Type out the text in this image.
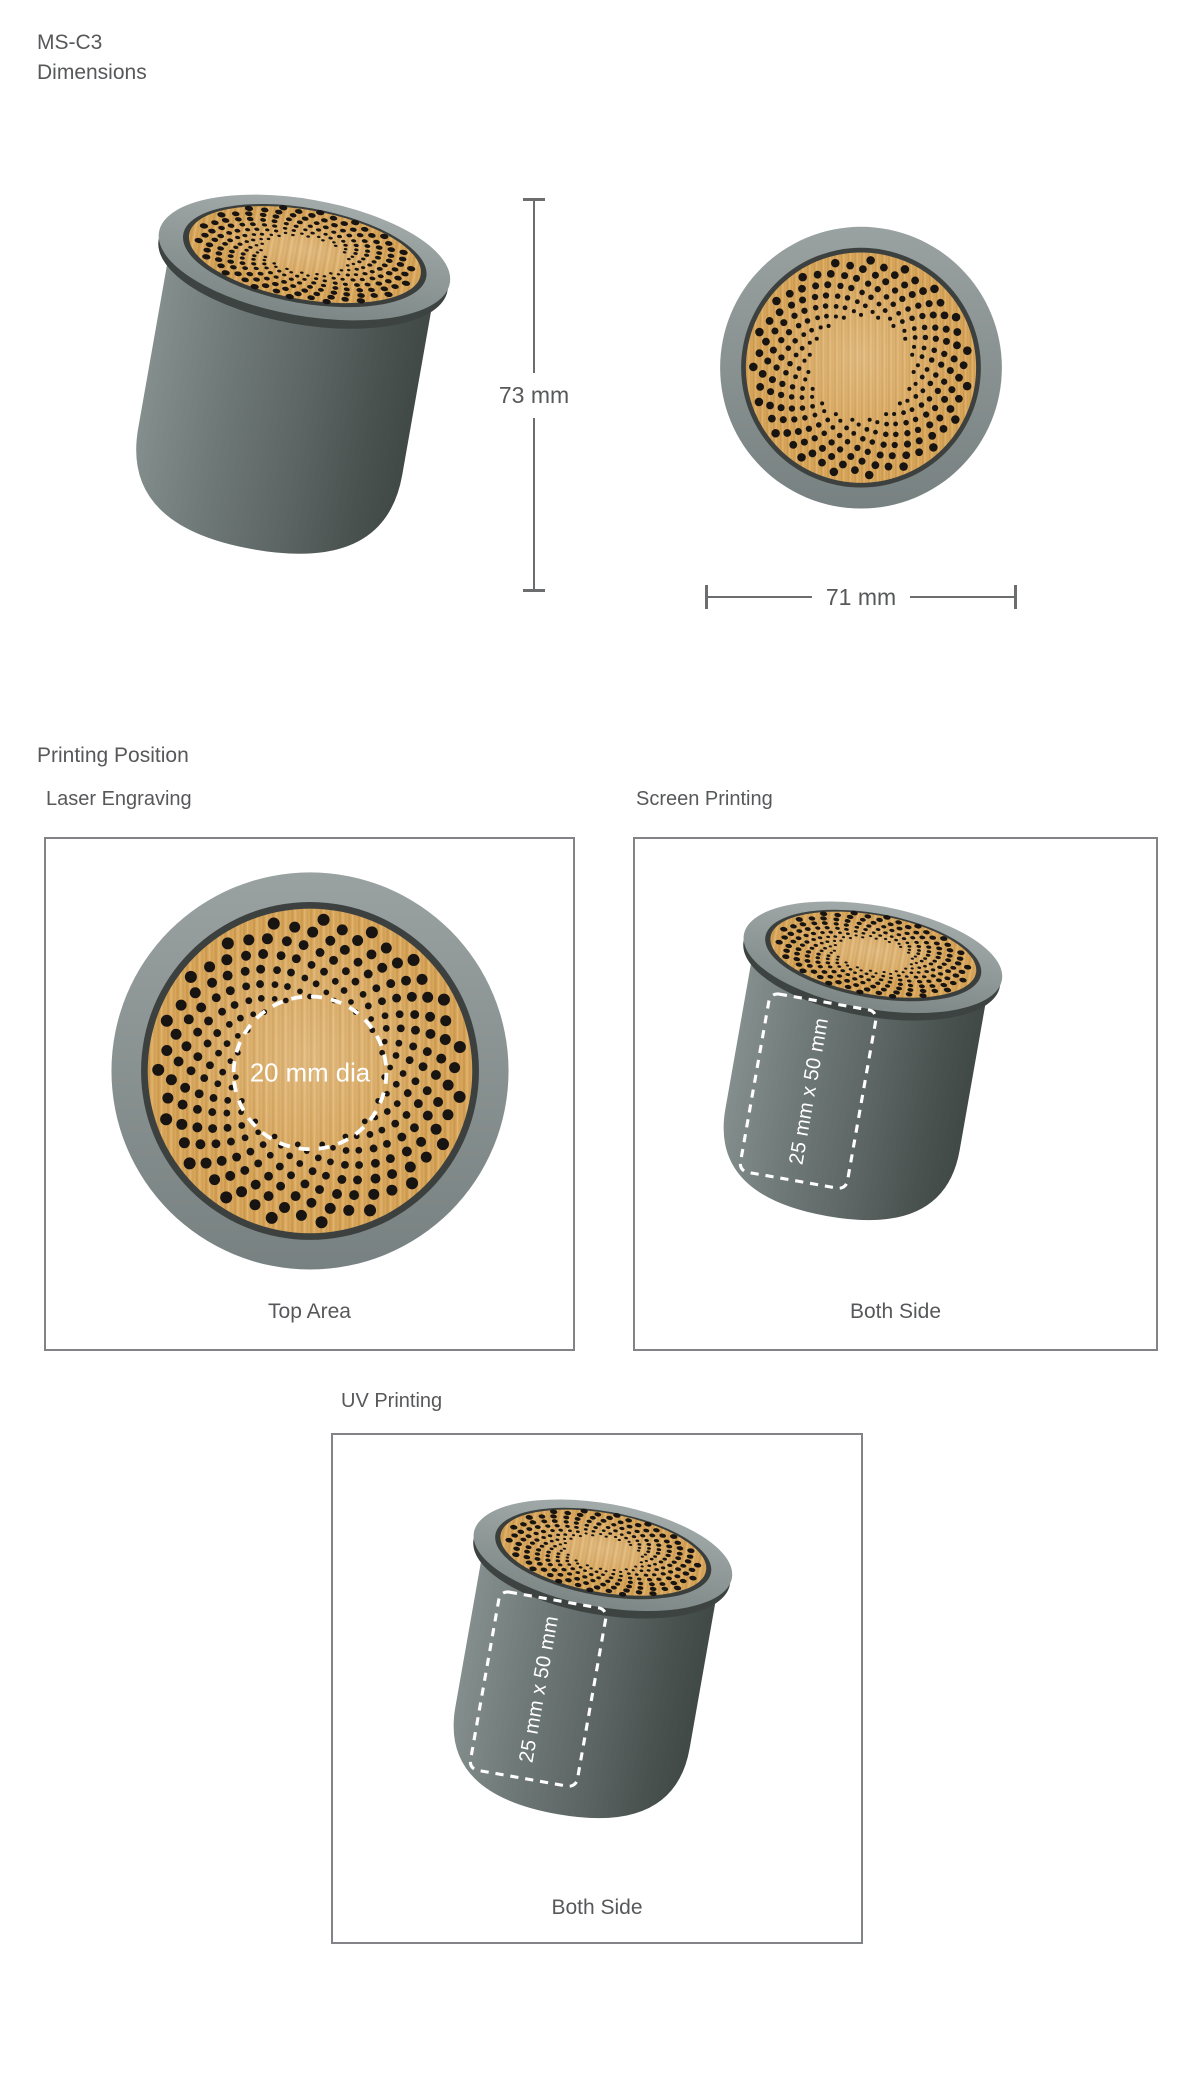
MS-C3
Dimensions
73 mm
71 mm
Printing Position
Laser Engraving
20 mm dia
Top Area
Screen Printing
25 mm x 50 mm
Both Side
UV Printing
25 mm x 50 mm
Both Side
